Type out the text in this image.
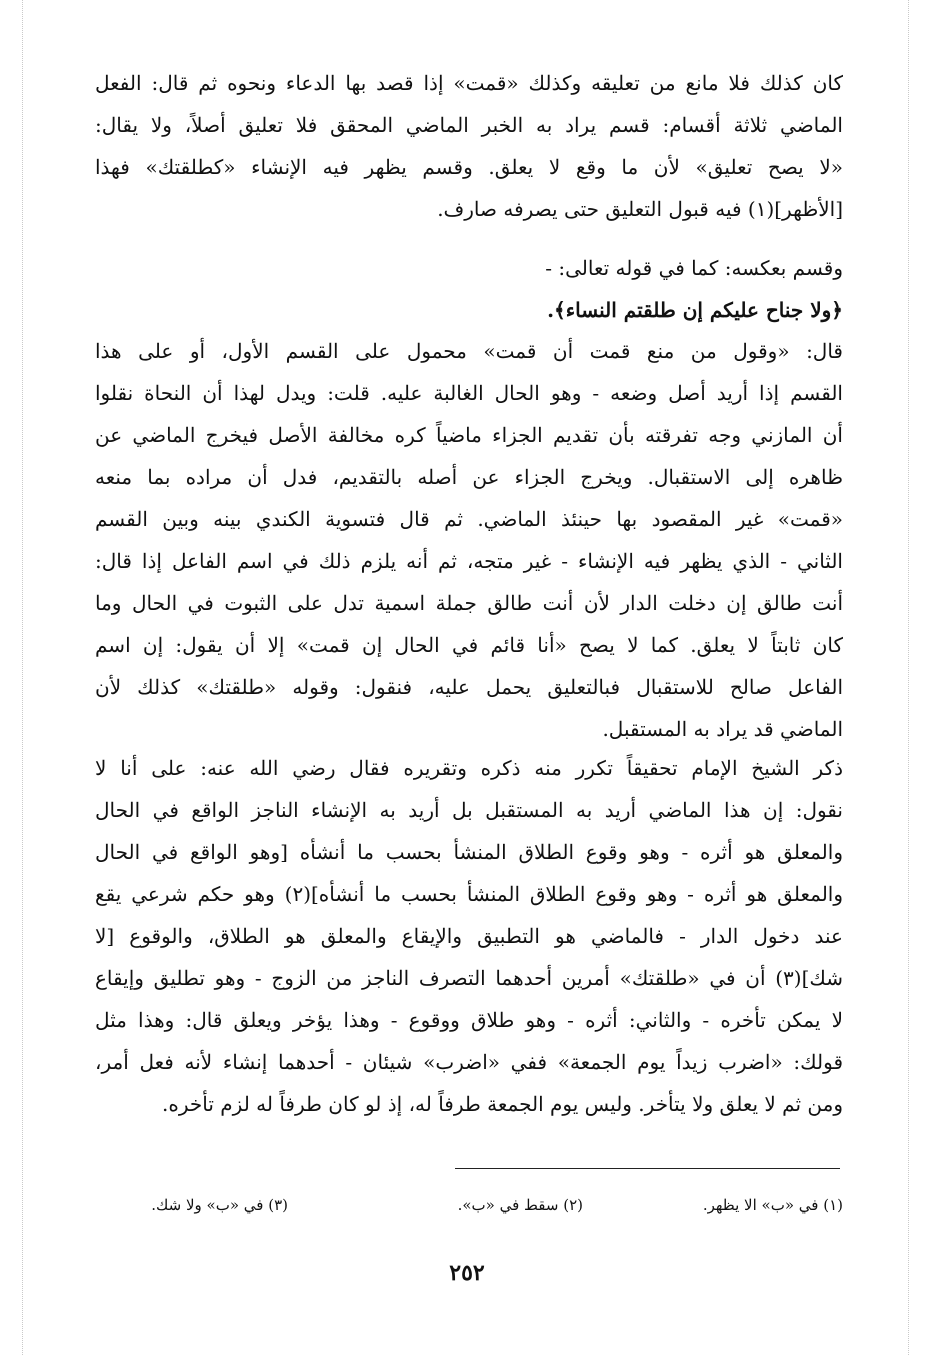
كان كذلك فلا مانع من تعليقه وكذلك «قمت» إذا قصد بها الدعاء ونحوه ثم قال: الفعل
الماضي ثلاثة أقسام: قسم يراد به الخبر الماضي المحقق فلا تعليق أصلاً، ولا يقال:
«لا يصح تعليق» لأن ما وقع لا يعلق. وقسم يظهر فيه الإنشاء «كطلقتك» فهذا
[الأظهر](١) فيه قبول التعليق حتى يصرفه صارف.
وقسم بعكسه: كما في قوله تعالى: -
﴿ولا جناح عليكم إن طلقتم النساء﴾.
قال: «وقول من منع قمت أن قمت» محمول على القسم الأول، أو على هذا
القسم إذا أريد أصل وضعه - وهو الحال الغالبة عليه. قلت: ويدل لهذا أن النحاة نقلوا
أن المازني وجه تفرقته بأن تقديم الجزاء ماضياً كره مخالفة الأصل فيخرج الماضي عن
ظاهره إلى الاستقبال. ويخرج الجزاء عن أصله بالتقديم، فدل أن مراده بما منعه
«قمت» غير المقصود بها حينئذ الماضي. ثم قال فتسوية الكندي بينه وبين القسم
الثاني - الذي يظهر فيه الإنشاء - غير متجه، ثم أنه يلزم ذلك في اسم الفاعل إذا قال:
أنت طالق إن دخلت الدار لأن أنت طالق جملة اسمية تدل على الثبوت في الحال وما
كان ثابتاً لا يعلق. كما لا يصح «أنا قائم في الحال إن قمت» إلا أن يقول: إن اسم
الفاعل صالح للاستقبال فبالتعليق يحمل عليه، فنقول: وقوله «طلقتك» كذلك لأن
الماضي قد يراد به المستقبل.
ذكر الشيخ الإمام تحقيقاً تكرر منه ذكره وتقريره فقال رضي الله عنه: على أنا لا
نقول: إن هذا الماضي أريد به المستقبل بل أريد به الإنشاء الناجز الواقع في الحال
والمعلق هو أثره - وهو وقوع الطلاق المنشأ بحسب ما أنشأه [وهو الواقع في الحال
والمعلق هو أثره - وهو وقوع الطلاق المنشأ بحسب ما أنشأه](٢) وهو حكم شرعي يقع
عند دخول الدار - فالماضي هو التطبيق والإيقاع والمعلق هو الطلاق، والوقوع [لا
شك](٣) أن في «طلقتك» أمرين أحدهما التصرف الناجز من الزوج - وهو تطليق وإيقاع
لا يمكن تأخره - والثاني: أثره - وهو طلاق ووقوع - وهذا يؤخر ويعلق قال: وهذا مثل
قولك: «اضرب زيداً يوم الجمعة» ففي «اضرب» شيئان - أحدهما إنشاء لأنه فعل أمر،
ومن ثم لا يعلق ولا يتأخر. وليس يوم الجمعة طرفاً له، إذ لو كان طرفاً له لزم تأخره.
(١) في «ب» الا يظهر.
(٢) سقط في «ب».
(٣) في «ب» ولا شك.
٢٥٢
